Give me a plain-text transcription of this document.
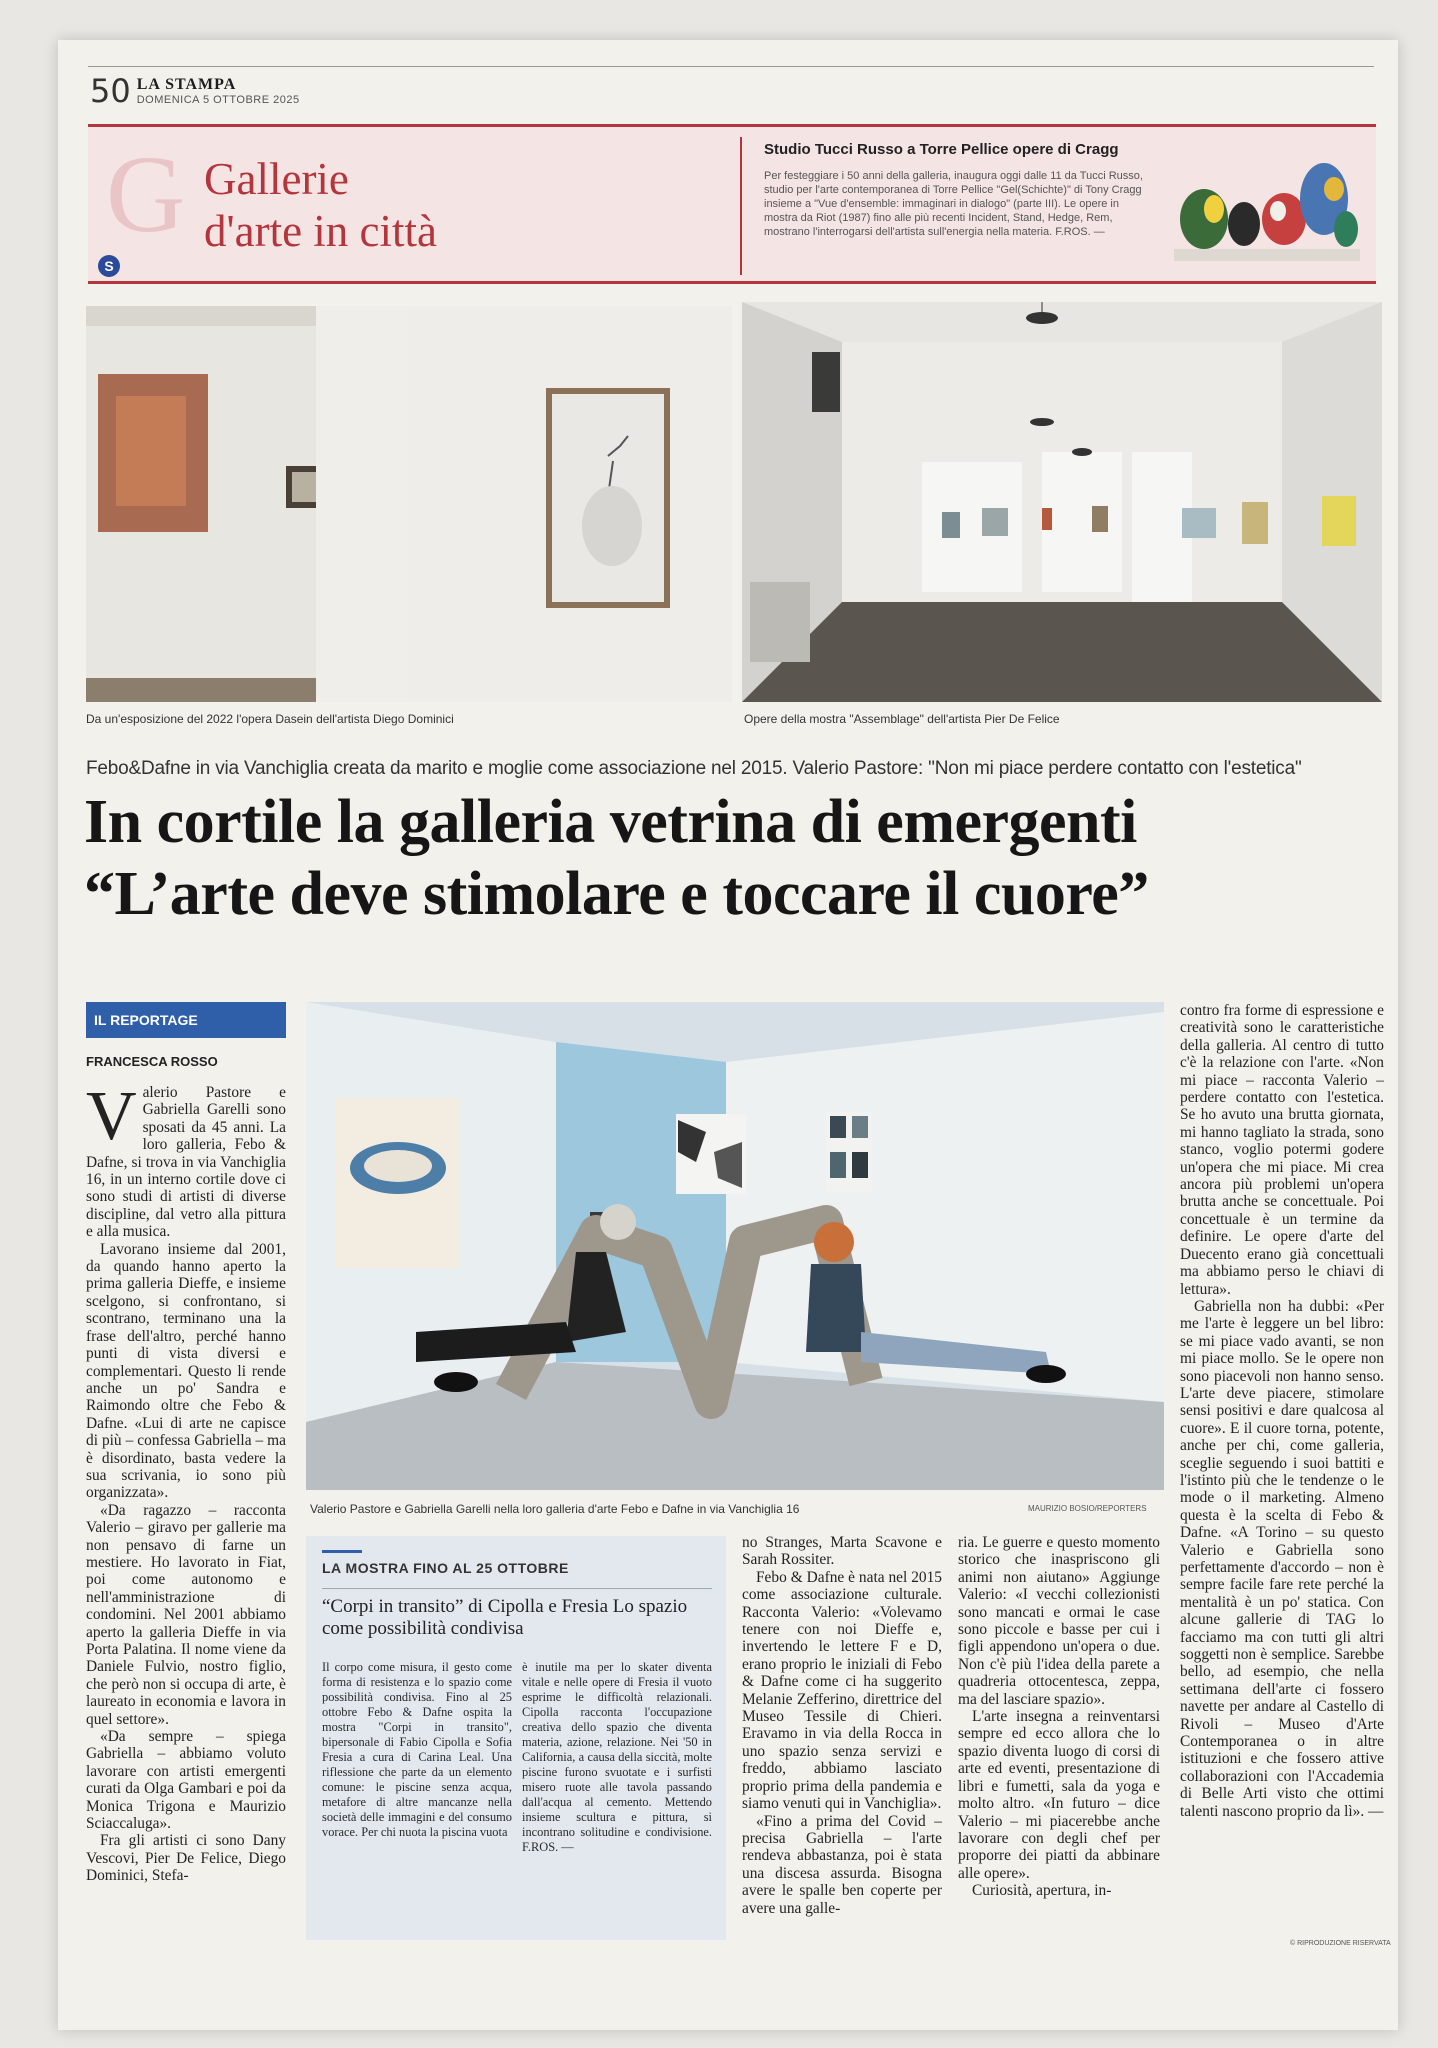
50 LA STAMPA
DOMENICA 5 OTTOBRE 2025
G Gallerie
d'arte in città
S
Studio Tucci Russo a Torre Pellice opere di Cragg
Per festeggiare i 50 anni della galleria, inaugura oggi dalle 11 da Tucci Russo, studio per l'arte contemporanea di Torre Pellice "Gel(Schichte)" di Tony Cragg insieme a "Vue d'ensemble: immaginari in dialogo" (parte III). Le opere in mostra da Riot (1987) fino alle più recenti Incident, Stand, Hedge, Rem, mostrano l'interrogarsi dell'artista sull'energia nella materia. F.ROS. —
Da un'esposizione del 2022 l'opera Dasein dell'artista Diego Dominici	Opere della mostra "Assemblage" dell'artista Pier De Felice
Febo&Dafne in via Vanchiglia creata da marito e moglie come associazione nel 2015. Valerio Pastore: "Non mi piace perdere contatto con l'estetica"
In cortile la galleria vetrina di emergenti
“L’arte deve stimolare e toccare il cuore”
IL REPORTAGE
FRANCESCA ROSSO

Valerio Pastore e Gabriella Garelli sono sposati da 45 anni. La loro galleria, Febo & Dafne, si trova in via Vanchiglia 16, in un interno cortile dove ci sono studi di artisti di diverse discipline, dal vetro alla pittura e alla musica.

Lavorano insieme dal 2001, da quando hanno aperto la prima galleria Dieffe, e insieme scelgono, si confrontano, si scontrano, terminano una la frase dell'altro, perché hanno punti di vista diversi e complementari. Questo li rende anche un po' Sandra e Raimondo oltre che Febo & Dafne. «Lui di arte ne capisce di più – confessa Gabriella – ma è disordinato, basta vedere la sua scrivania, io sono più organizzata».

«Da ragazzo – racconta Valerio – giravo per gallerie ma non pensavo di farne un mestiere. Ho lavorato in Fiat, poi come autonomo e nell'amministrazione di condomini. Nel 2001 abbiamo aperto la galleria Dieffe in via Porta Palatina. Il nome viene da Daniele Fulvio, nostro figlio, che però non si occupa di arte, è laureato in economia e lavora in quel settore».

«Da sempre – spiega Gabriella – abbiamo voluto lavorare con artisti emergenti curati da Olga Gambari e poi da Monica Trigona e Maurizio Sciaccaluga».

Fra gli artisti ci sono Dany Vescovi, Pier De Felice, Diego Dominici, Stefa-

Valerio Pastore e Gabriella Garelli nella loro galleria d'arte Febo e Dafne in via Vanchiglia 16	MAURIZIO BOSIO/REPORTERS
LA MOSTRA FINO AL 25 OTTOBRE
“Corpi in transito” di Cipolla e Fresia Lo spazio come possibilità condivisa
Il corpo come misura, il gesto come forma di resistenza e lo spazio come possibilità condivisa. Fino al 25 ottobre Febo & Dafne ospita la mostra "Corpi in transito", bipersonale di Fabio Cipolla e Sofia Fresia a cura di Carina Leal. Una riflessione che parte da un elemento comune: le piscine senza acqua, metafore di altre mancanze nella società delle immagini e del consumo vorace. Per chi nuota la piscina vuota
è inutile ma per lo skater diventa vitale e nelle opere di Fresia il vuoto esprime le difficoltà relazionali. Cipolla racconta l'occupazione creativa dello spazio che diventa materia, azione, relazione. Nei '50 in California, a causa della siccità, molte piscine furono svuotate e i surfisti misero ruote alle tavola passando dall'acqua al cemento. Mettendo insieme scultura e pittura, si incontrano solitudine e condivisione. F.ROS. —

no Stranges, Marta Scavone e Sarah Rossiter.

Febo & Dafne è nata nel 2015 come associazione culturale. Racconta Valerio: «Volevamo tenere con noi Dieffe e, invertendo le lettere F e D, erano proprio le iniziali di Febo & Dafne come ci ha suggerito Melanie Zefferino, direttrice del Museo Tessile di Chieri. Eravamo in via della Rocca in uno spazio senza servizi e freddo, abbiamo lasciato proprio prima della pandemia e siamo venuti qui in Vanchiglia».

«Fino a prima del Covid – precisa Gabriella – l'arte rendeva abbastanza, poi è stata una discesa assurda. Bisogna avere le spalle ben coperte per avere una galle-

ria. Le guerre e questo momento storico che inaspriscono gli animi non aiutano» Aggiunge Valerio: «I vecchi collezionisti sono mancati e ormai le case sono piccole e basse per cui i figli appendono un'opera o due. Non c'è più l'idea della parete a quadreria ottocentesca, zeppa, ma del lasciare spazio».

L'arte insegna a reinventarsi sempre ed ecco allora che lo spazio diventa luogo di corsi di arte ed eventi, presentazione di libri e fumetti, sala da yoga e molto altro. «In futuro – dice Valerio – mi piacerebbe anche lavorare con degli chef per proporre dei piatti da abbinare alle opere».

Curiosità, apertura, in-

contro fra forme di espressione e creatività sono le caratteristiche della galleria. Al centro di tutto c'è la relazione con l'arte. «Non mi piace – racconta Valerio – perdere contatto con l'estetica. Se ho avuto una brutta giornata, mi hanno tagliato la strada, sono stanco, voglio potermi godere un'opera che mi piace. Mi crea ancora più problemi un'opera brutta anche se concettuale. Poi concettuale è un termine da definire. Le opere d'arte del Duecento erano già concettuali ma abbiamo perso le chiavi di lettura».

Gabriella non ha dubbi: «Per me l'arte è leggere un bel libro: se mi piace vado avanti, se non mi piace mollo. Se le opere non sono piacevoli non hanno senso. L'arte deve piacere, stimolare sensi positivi e dare qualcosa al cuore». E il cuore torna, potente, anche per chi, come galleria, sceglie seguendo i suoi battiti e l'istinto più che le tendenze o le mode o il marketing. Almeno questa è la scelta di Febo & Dafne. «A Torino – su questo Valerio e Gabriella sono perfettamente d'accordo – non è sempre facile fare rete perché la mentalità è un po' statica. Con alcune gallerie di TAG lo facciamo ma con tutti gli altri soggetti non è semplice. Sarebbe bello, ad esempio, che nella settimana dell'arte ci fossero navette per andare al Castello di Rivoli – Museo d'Arte Contemporanea o in altre istituzioni e che fossero attive collaborazioni con l'Accademia di Belle Arti visto che ottimi talenti nascono proprio da lì». —

© RIPRODUZIONE RISERVATA
